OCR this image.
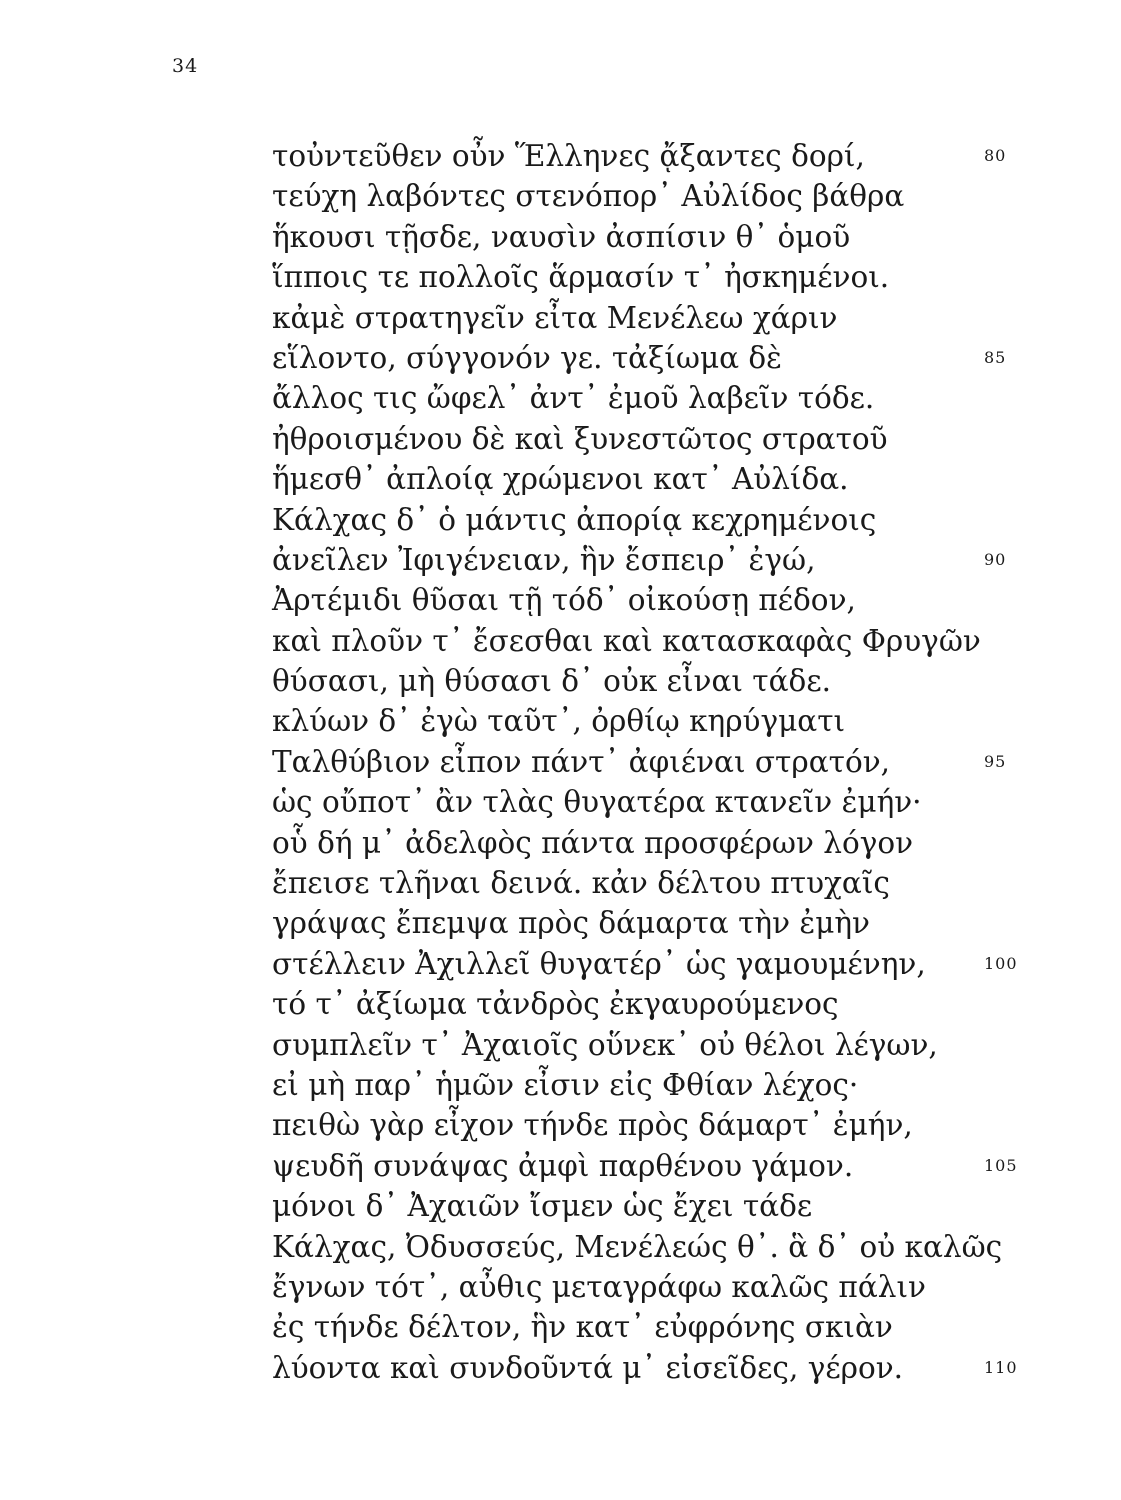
34
τοὐντεῦθεν οὖν Ἕλληνες ᾄξαντες δορί,	80
τεύχη λαβόντες στενόπορ᾽ Αὐλίδος βάθρα
ἥκουσι τῇσδε, ναυσὶν ἀσπίσιν θ᾽ ὁμοῦ
ἵπποις τε πολλοῖς ἅρμασίν τ᾽ ἠσκημένοι.
κἀμὲ στρατηγεῖν εἶτα Μενέλεω χάριν
εἵλοντο, σύγγονόν γε. τἀξίωμα δὲ	85
ἄλλος τις ὤφελ᾽ ἀντ᾽ ἐμοῦ λαβεῖν τόδε.
ἠθροισμένου δὲ καὶ ξυνεστῶτος στρατοῦ
ἥμεσθ᾽ ἀπλοίᾳ χρώμενοι κατ᾽ Αὐλίδα.
Κάλχας δ᾽ ὁ μάντις ἀπορίᾳ κεχρημένοις
ἀνεῖλεν Ἰφιγένειαν, ἣν ἔσπειρ᾽ ἐγώ,	90
Ἀρτέμιδι θῦσαι τῇ τόδ᾽ οἰκούσῃ πέδον,
καὶ πλοῦν τ᾽ ἔσεσθαι καὶ κατασκαφὰς Φρυγῶν
θύσασι, μὴ θύσασι δ᾽ οὐκ εἶναι τάδε.
κλύων δ᾽ ἐγὼ ταῦτ᾽, ὀρθίῳ κηρύγματι
Ταλθύβιον εἶπον πάντ᾽ ἀφιέναι στρατόν,	95
ὡς οὔποτ᾽ ἂν τλὰς θυγατέρα κτανεῖν ἐμήν·
οὗ δή μ᾽ ἀδελφὸς πάντα προσφέρων λόγον
ἔπεισε τλῆναι δεινά. κἀν δέλτου πτυχαῖς
γράψας ἔπεμψα πρὸς δάμαρτα τὴν ἐμὴν
στέλλειν Ἀχιλλεῖ θυγατέρ᾽ ὡς γαμουμένην,	100
τό τ᾽ ἀξίωμα τἀνδρὸς ἐκγαυρούμενος
συμπλεῖν τ᾽ Ἀχαιοῖς οὕνεκ᾽ οὐ θέλοι λέγων,
εἰ μὴ παρ᾽ ἡμῶν εἶσιν εἰς Φθίαν λέχος·
πειθὼ γὰρ εἶχον τήνδε πρὸς δάμαρτ᾽ ἐμήν,
ψευδῆ συνάψας ἀμφὶ παρθένου γάμον.	105
μόνοι δ᾽ Ἀχαιῶν ἴσμεν ὡς ἔχει τάδε
Κάλχας, Ὀδυσσεύς, Μενέλεώς θ᾽. ἃ δ᾽ οὐ καλῶς
ἔγνων τότ᾽, αὖθις μεταγράφω καλῶς πάλιν
ἐς τήνδε δέλτον, ἣν κατ᾽ εὐφρόνης σκιὰν
λύοντα καὶ συνδοῦντά μ᾽ εἰσεῖδες, γέρον.	110
